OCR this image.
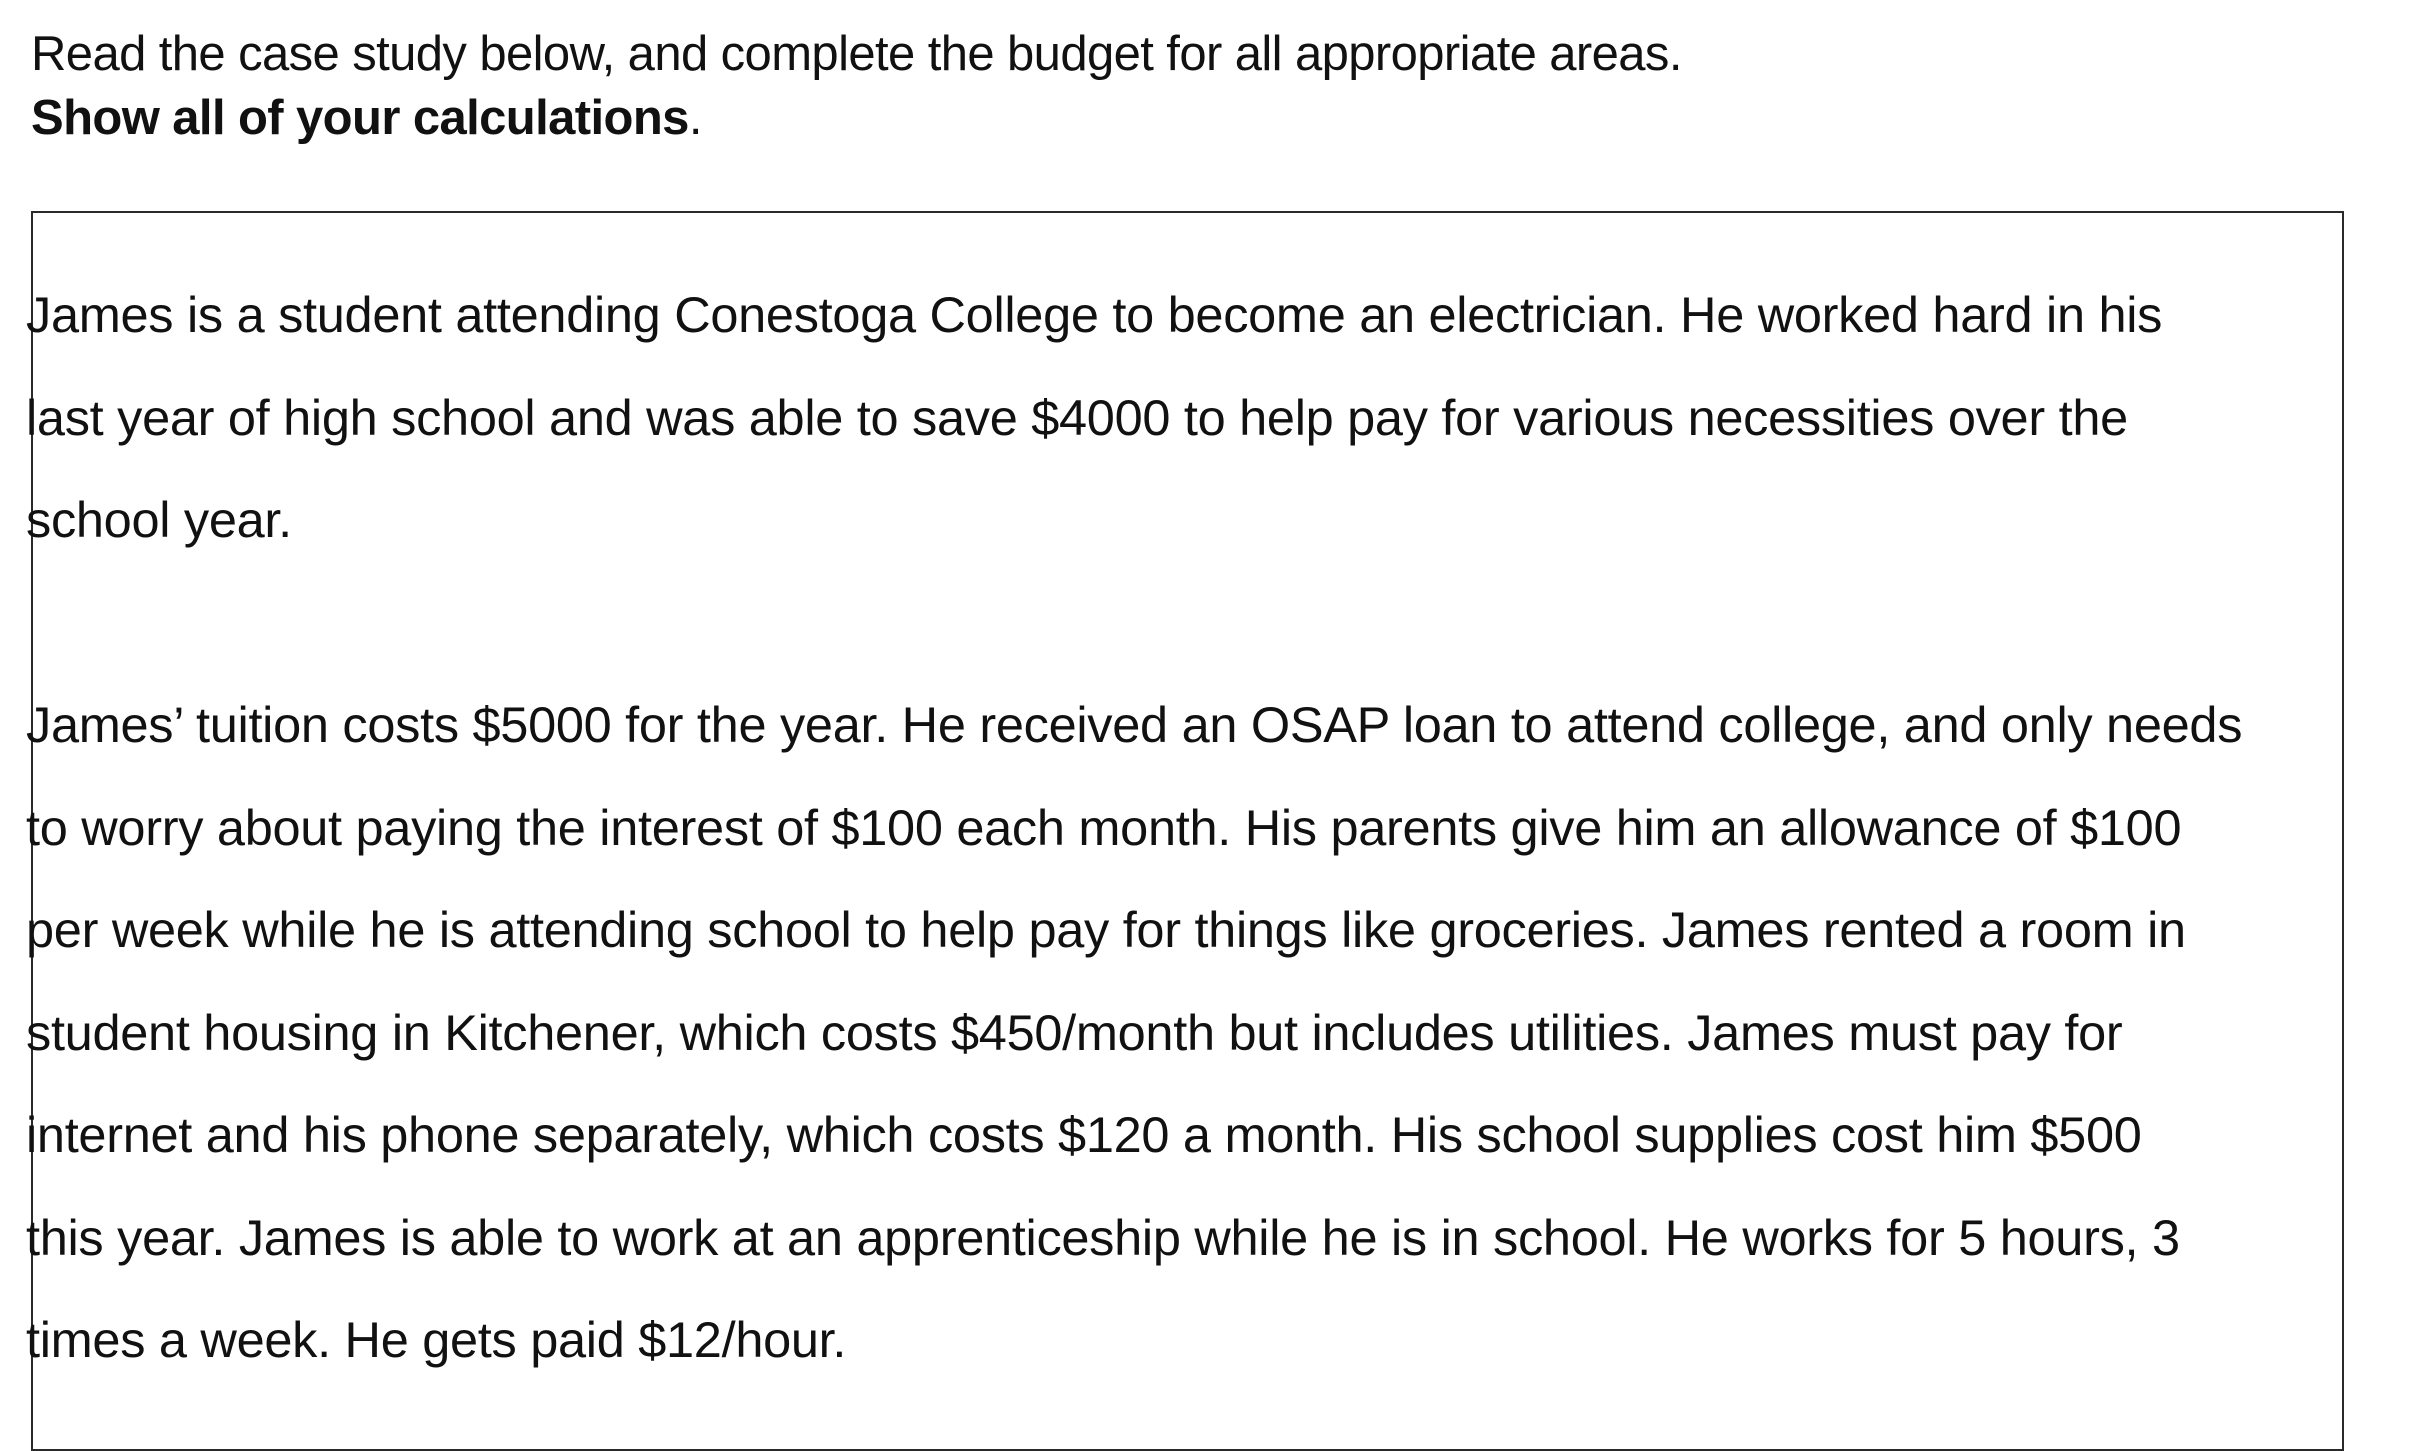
Read the case study below, and complete the budget for all appropriate areas.
Show all of your calculations.

James is a student attending Conestoga College to become an electrician. He worked hard in his
last year of high school and was able to save $4000 to help pay for various necessities over the
school year.

James’ tuition costs $5000 for the year. He received an OSAP loan to attend college, and only needs
to worry about paying the interest of $100 each month. His parents give him an allowance of $100
per week while he is attending school to help pay for things like groceries. James rented a room in
student housing in Kitchener, which costs $450/month but includes utilities. James must pay for
internet and his phone separately, which costs $120 a month. His school supplies cost him $500
this year. James is able to work at an apprenticeship while he is in school. He works for 5 hours, 3
times a week. He gets paid $12/hour.
